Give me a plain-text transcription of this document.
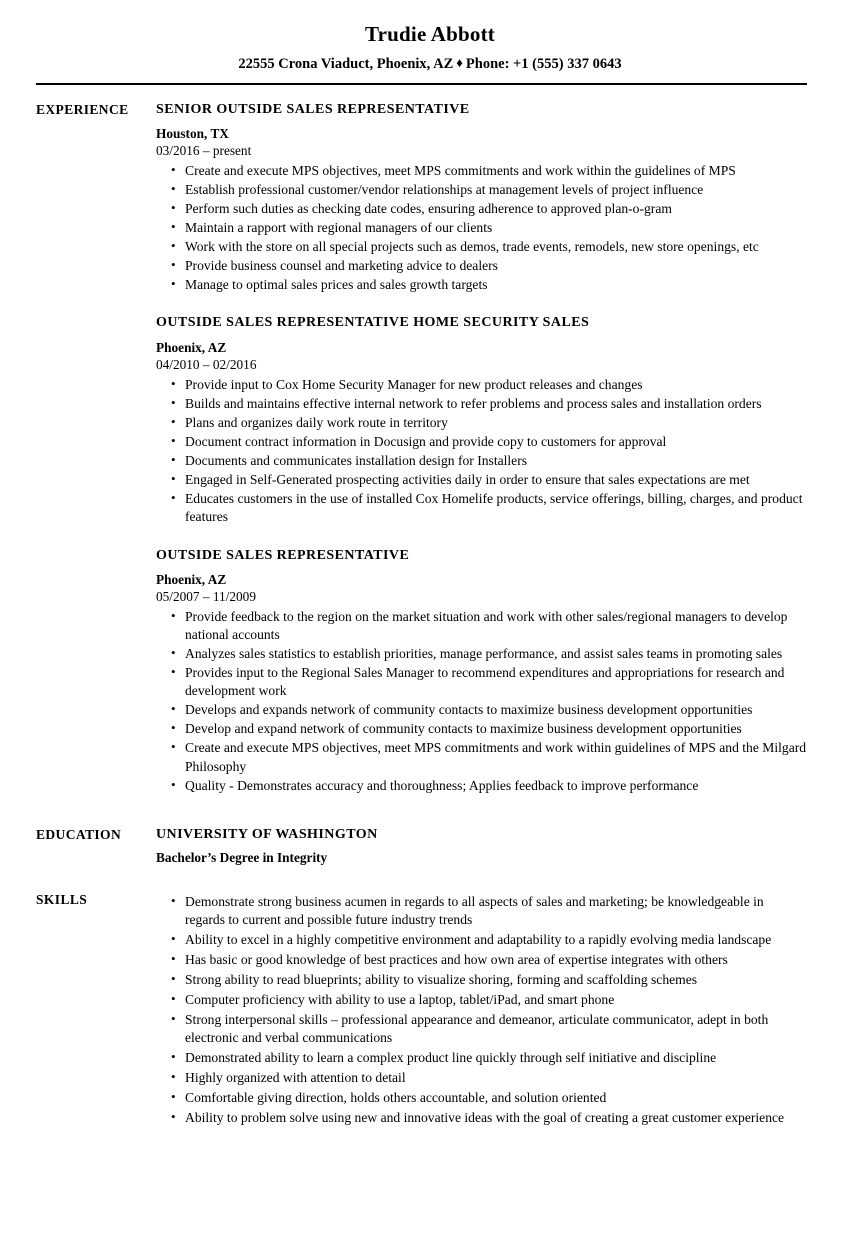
Trudie Abbott
22555 Crona Viaduct, Phoenix, AZ ♦ Phone: +1 (555) 337 0643
EXPERIENCE	SENIOR OUTSIDE SALES REPRESENTATIVE
Houston, TX
03/2016 – present
• Create and execute MPS objectives, meet MPS commitments and work within the guidelines of MPS
• Establish professional customer/vendor relationships at management levels of project influence
• Perform such duties as checking date codes, ensuring adherence to approved plan-o-gram
• Maintain a rapport with regional managers of our clients
• Work with the store on all special projects such as demos, trade events, remodels, new store openings, etc
• Provide business counsel and marketing advice to dealers
• Manage to optimal sales prices and sales growth targets
OUTSIDE SALES REPRESENTATIVE HOME SECURITY SALES
Phoenix, AZ
04/2010 – 02/2016
• Provide input to Cox Home Security Manager for new product releases and changes
• Builds and maintains effective internal network to refer problems and process sales and installation orders
• Plans and organizes daily work route in territory
• Document contract information in Docusign and provide copy to customers for approval
• Documents and communicates installation design for Installers
• Engaged in Self-Generated prospecting activities daily in order to ensure that sales expectations are met
• Educates customers in the use of installed Cox Homelife products, service offerings, billing, charges, and product features
OUTSIDE SALES REPRESENTATIVE
Phoenix, AZ
05/2007 – 11/2009
• Provide feedback to the region on the market situation and work with other sales/regional managers to develop national accounts
• Analyzes sales statistics to establish priorities, manage performance, and assist sales teams in promoting sales
• Provides input to the Regional Sales Manager to recommend expenditures and appropriations for research and development work
• Develops and expands network of community contacts to maximize business development opportunities
• Develop and expand network of community contacts to maximize business development opportunities
• Create and execute MPS objectives, meet MPS commitments and work within guidelines of MPS and the Milgard Philosophy
• Quality - Demonstrates accuracy and thoroughness; Applies feedback to improve performance
EDUCATION	UNIVERSITY OF WASHINGTON
Bachelor’s Degree in Integrity
SKILLS	• Demonstrate strong business acumen in regards to all aspects of sales and marketing; be knowledgeable in regards to current and possible future industry trends
• Ability to excel in a highly competitive environment and adaptability to a rapidly evolving media landscape
• Has basic or good knowledge of best practices and how own area of expertise integrates with others
• Strong ability to read blueprints; ability to visualize shoring, forming and scaffolding schemes
• Computer proficiency with ability to use a laptop, tablet/iPad, and smart phone
• Strong interpersonal skills – professional appearance and demeanor, articulate communicator, adept in both electronic and verbal communications
• Demonstrated ability to learn a complex product line quickly through self initiative and discipline
• Highly organized with attention to detail
• Comfortable giving direction, holds others accountable, and solution oriented
• Ability to problem solve using new and innovative ideas with the goal of creating a great customer experience
